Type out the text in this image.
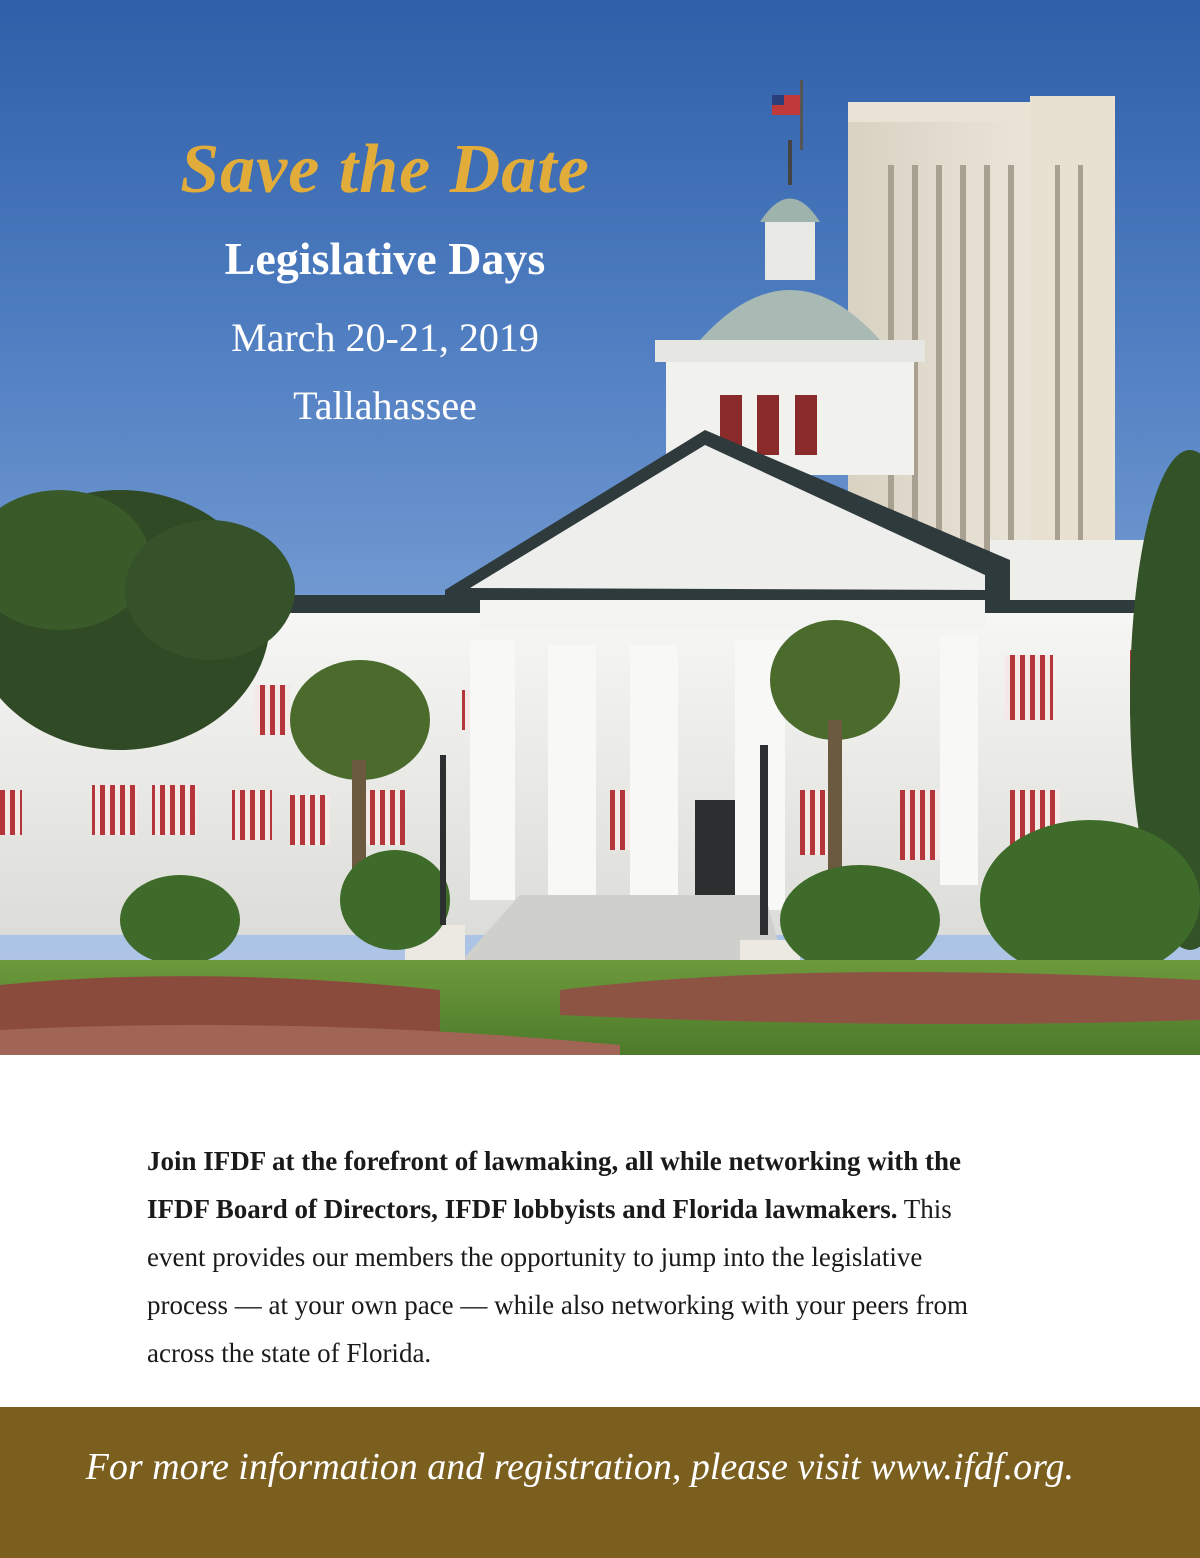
Save the Date
Legislative Days
March 20-21, 2019
Tallahassee
Join IFDF at the forefront of lawmaking, all while networking with the IFDF Board of Directors, IFDF lobbyists and Florida lawmakers. This event provides our members the opportunity to jump into the legislative process — at your own pace — while also networking with your peers from across the state of Florida.
For more information and registration, please visit www.ifdf.org.
